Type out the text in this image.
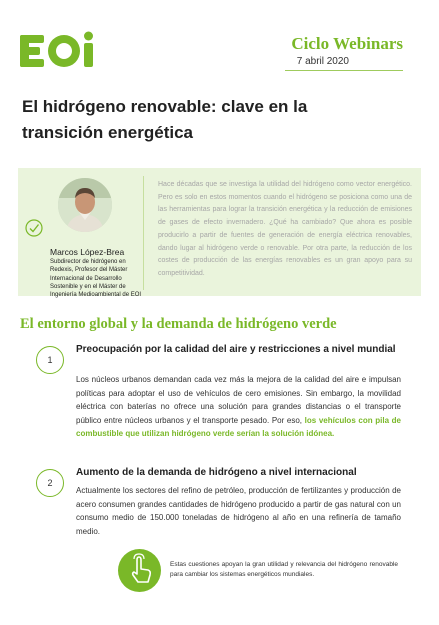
Ciclo Webinars
7 abril 2020
El hidrógeno renovable: clave en la transición energética
Marcos López-Brea
Subdirector de hidrógeno en Redexis, Profesor del Máster Internacional de Desarrollo Sostenible y en el Máster de Ingeniería Medioambiental de EOI

Hace décadas que se investiga la utilidad del hidrógeno como vector energético. Pero es solo en estos momentos cuando el hidrógeno se posiciona como una de las herramientas para lograr la transición energética y la reducción de emisiones de gases de efecto invernadero. ¿Qué ha cambiado? Que ahora es posible producirlo a partir de fuentes de generación de energía eléctrica renovables, dando lugar al hidrógeno verde o renovable. Por otra parte, la reducción de los costes de producción de las energías renovables es un gran apoyo para su competitividad.

El entorno global y la demanda de hidrógeno verde
1
Preocupación por la calidad del aire y restricciones a nivel mundial

Los núcleos urbanos demandan cada vez más la mejora de la calidad del aire e impulsan políticas para adoptar el uso de vehículos de cero emisiones. Sin embargo, la movilidad eléctrica con baterías no ofrece una solución para grandes distancias o el transporte público entre núcleos urbanos y el transporte pesado. Por eso, los vehículos con pila de combustible que utilizan hidrógeno verde serían la solución idónea.

2
Aumento de la demanda de hidrógeno a nivel internacional

Actualmente los sectores del refino de petróleo, producción de fertilizantes y producción de acero consumen grandes cantidades de hidrógeno producido a partir de gas natural con un consumo medio de 150.000 toneladas de hidrógeno al año en una refinería de tamaño medio.

Estas cuestiones apoyan la gran utilidad y relevancia del hidrógeno renovable para cambiar los sistemas energéticos mundiales.
